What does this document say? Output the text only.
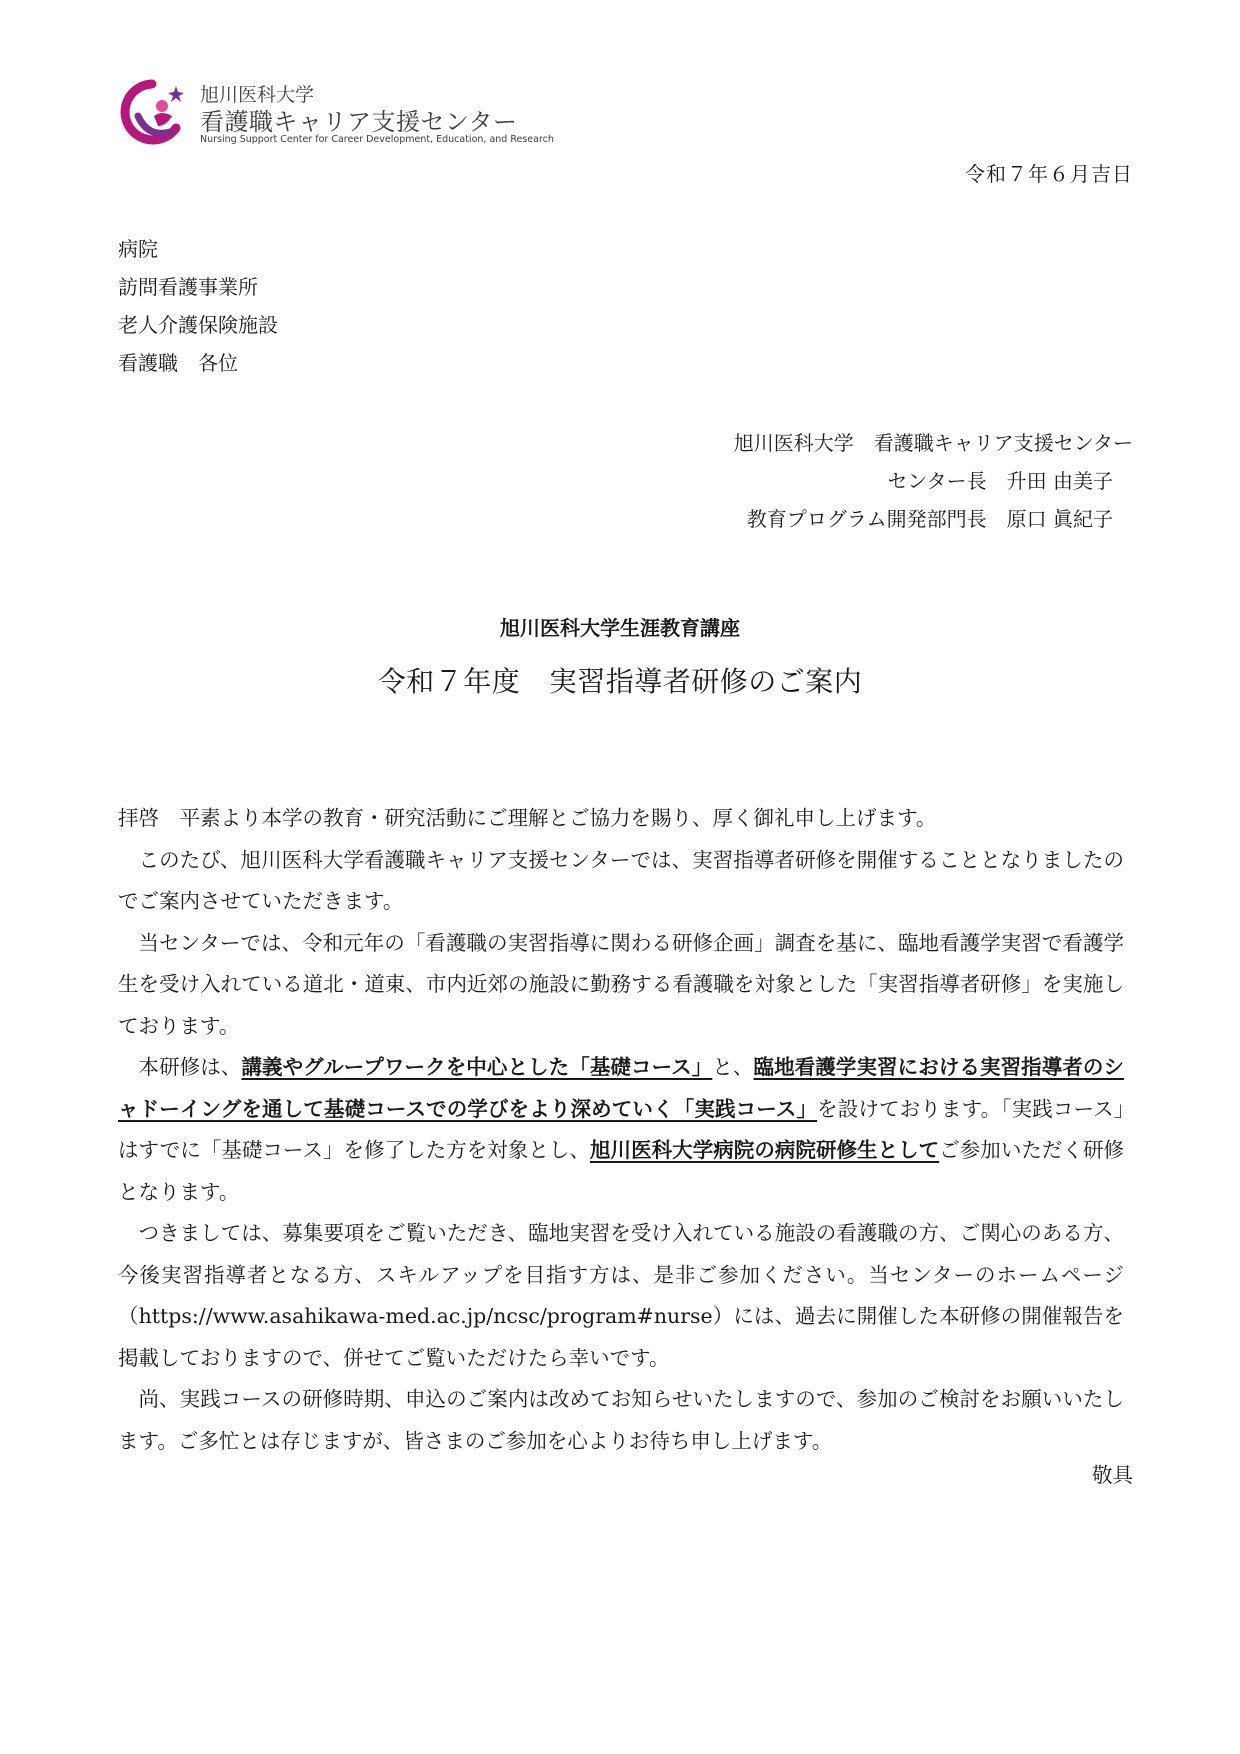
旭川医科大学
看護職キャリア支援センター
Nursing Support Center for Career Development, Education, and Research
令和７年６月吉日
病院
訪問看護事業所
老人介護保険施設
看護職　各位
旭川医科大学　看護職キャリア支援センター
センター長　升田 由美子
教育プログラム開発部門長　原口 眞紀子
旭川医科大学生涯教育講座
令和７年度　実習指導者研修のご案内

拝啓　平素より本学の教育・研究活動にご理解とご協力を賜り、厚く御礼申し上げます。

このたび、旭川医科大学看護職キャリア支援センターでは、実習指導者研修を開催することとなりましたのでご案内させていただきます。

当センターでは、令和元年の「看護職の実習指導に関わる研修企画」調査を基に、臨地看護学実習で看護学生を受け入れている道北・道東、市内近郊の施設に勤務する看護職を対象とした「実習指導者研修」を実施しております。

本研修は、講義やグループワークを中心とした「基礎コース」と、臨地看護学実習における実習指導者のシャドーイングを通して基礎コースでの学びをより深めていく「実践コース」を設けております。「実践コース」はすでに「基礎コース」を修了した方を対象とし、旭川医科大学病院の病院研修生としてご参加いただく研修となります。

つきましては、募集要項をご覧いただき、臨地実習を受け入れている施設の看護職の方、ご関心のある方、今後実習指導者となる方、スキルアップを目指す方は、是非ご参加ください。当センターのホームページ（https://www.asahikawa-med.ac.jp/ncsc/program#nurse）には、過去に開催した本研修の開催報告を掲載しておりますので、併せてご覧いただけたら幸いです。

尚、実践コースの研修時期、申込のご案内は改めてお知らせいたしますので、参加のご検討をお願いいたします。ご多忙とは存じますが、皆さまのご参加を心よりお待ち申し上げます。

敬具
